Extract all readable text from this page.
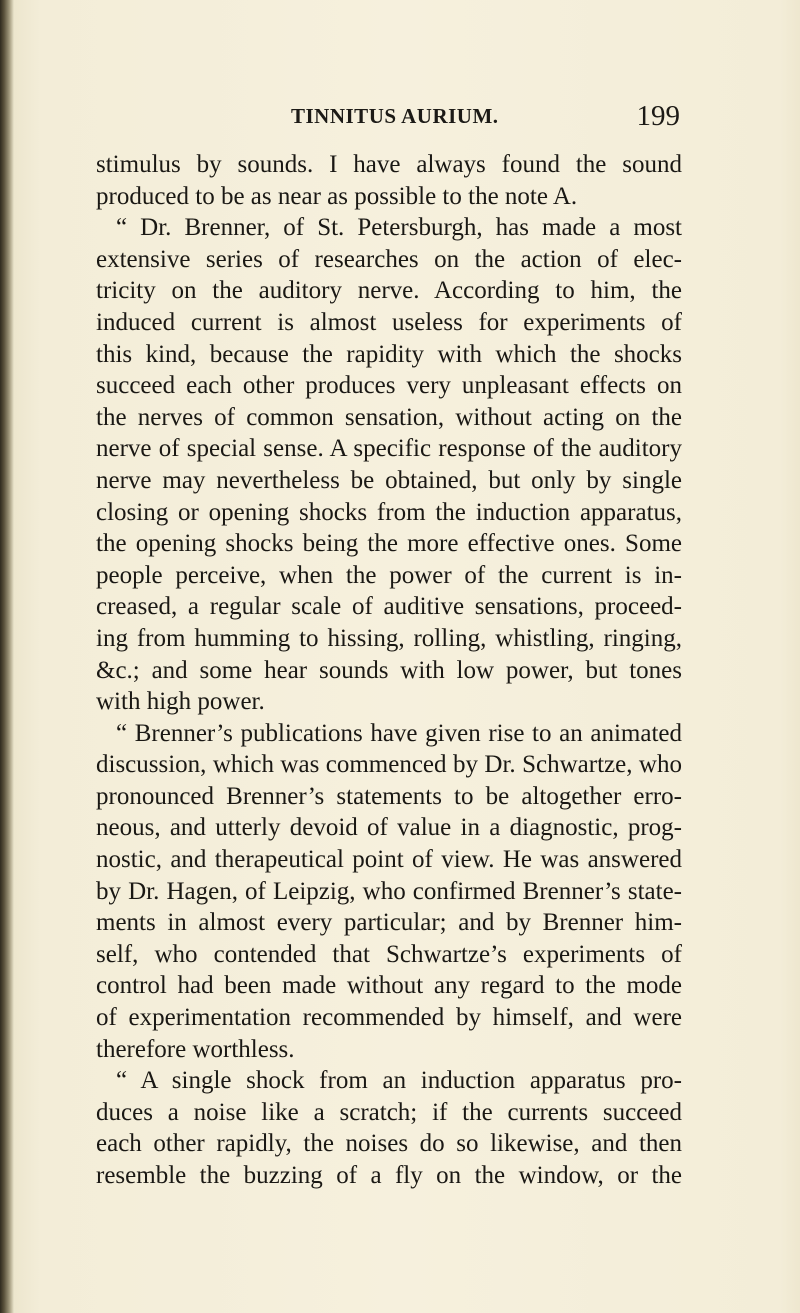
TINNITUS AURIUM.	199
stimulus by sounds. I have always found the sound
produced to be as near as possible to the note A.
“ Dr. Brenner, of St. Petersburgh, has made a most
extensive series of researches on the action of elec-
tricity on the auditory nerve. According to him, the
induced current is almost useless for experiments of
this kind, because the rapidity with which the shocks
succeed each other produces very unpleasant effects on
the nerves of common sensation, without acting on the
nerve of special sense. A specific response of the auditory
nerve may nevertheless be obtained, but only by single
closing or opening shocks from the induction apparatus,
the opening shocks being the more effective ones. Some
people perceive, when the power of the current is in-
creased, a regular scale of auditive sensations, proceed-
ing from humming to hissing, rolling, whistling, ringing,
&c.; and some hear sounds with low power, but tones
with high power.
“ Brenner’s publications have given rise to an animated
discussion, which was commenced by Dr. Schwartze, who
pronounced Brenner’s statements to be altogether erro-
neous, and utterly devoid of value in a diagnostic, prog-
nostic, and therapeutical point of view. He was answered
by Dr. Hagen, of Leipzig, who confirmed Brenner’s state-
ments in almost every particular; and by Brenner him-
self, who contended that Schwartze’s experiments of
control had been made without any regard to the mode
of experimentation recommended by himself, and were
therefore worthless.
“ A single shock from an induction apparatus pro-
duces a noise like a scratch; if the currents succeed
each other rapidly, the noises do so likewise, and then
resemble the buzzing of a fly on the window, or the
